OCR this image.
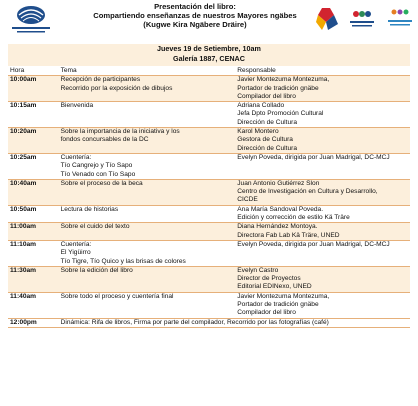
Presentación del libro:
Compartiendo enseñanzas de nuestros Mayores ngäbes
(Kugwe Kira Ngäbere Dräire)
Jueves 19 de Setiembre, 10am
Galería 1887, CENAC
Hora	Tema	Responsable
10:00am	Recepción de participantes
Recorrido por la exposición de dibujos	Javier Montezuma Montezuma,
Portador de tradición gnäbe
Compilador del libro

10:15am	Bienvenida	Adriana Collado
Jefa Dpto Promoción Cultural
Dirección de Cultura

10:20am	Sobre la importancia de la iniciativa y los
fondos concursables de la DC	Karol Montero
Gestora de Cultura
Dirección de Cultura

10:25am	Cuentería:
Tío Cangrejo y Tío Sapo
Tío Venado con Tío Sapo	Evelyn Poveda, dirigida por Juan Madrigal, DC-MCJ

10:40am	Sobre el proceso de la beca	Juan Antonio Gutiérrez Slon
Centro de Investigación en Cultura y Desarrollo,
CICDE

10:50am	Lectura de historias	Ana María Sandoval Poveda.
Edición y corrección de estilo Kä Träre

11:00am	Sobre el cuido del texto	Diana Hernández Montoya.
Directora Fab Lab Kä Träre, UNED

11:10am	Cuentería:
El Yigüirro
Tío Tigre, Tío Quico y las brisas de colores	Evelyn Poveda, dirigida por Juan Madrigal, DC-MCJ

11:30am	Sobre la edición del libro	Evelyn Castro
Director de Proyectos
Editorial EDINexo, UNED

11:40am	Sobre todo el proceso y cuentería final	Javier Montezuma Montezuma,
Portador de tradición gnäbe
Compilador del libro

12:00pm	Dinámica: Rifa de libros, Firma por parte del compilador, Recorrido por las fotografías (café)	
